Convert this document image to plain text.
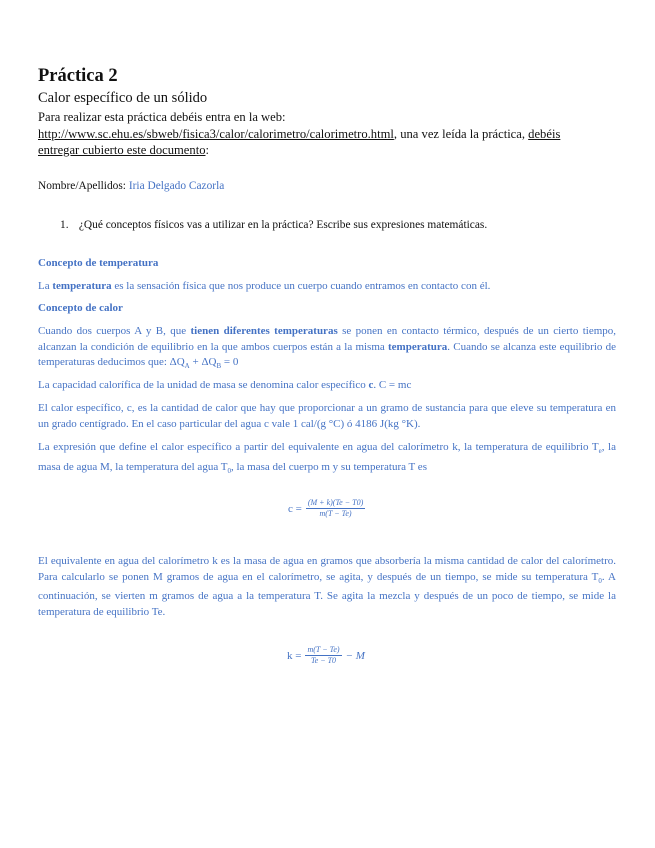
Práctica 2
Calor específico de un sólido
Para realizar esta práctica debéis entra en la web:
http://www.sc.ehu.es/sbweb/fisica3/calor/calorimetro/calorimetro.html, una vez leída la práctica, debéis
entregar cubierto este documento:
Nombre/Apellidos: Iria Delgado Cazorla
1. ¿Qué conceptos físicos vas a utilizar en la práctica? Escribe sus expresiones matemáticas.
Concepto de temperatura
La temperatura es la sensación física que nos produce un cuerpo cuando entramos en contacto con él.
Concepto de calor
Cuando dos cuerpos A y B, que tienen diferentes temperaturas se ponen en contacto térmico, después de un cierto tiempo, alcanzan la condición de equilibrio en la que ambos cuerpos están a la misma temperatura. Cuando se alcanza este equilibrio de temperaturas deducimos que: $\Delta Q_A + \Delta Q_B = 0$
La capacidad calorífica de la unidad de masa se denomina calor específico c. C = mc
El calor específico, c, es la cantidad de calor que hay que proporcionar a un gramo de sustancia para que eleve su temperatura en un grado centígrado. En el caso particular del agua c vale 1 cal/(g °C) ó 4186 J(kg °K).
La expresión que define el calor específico a partir del equivalente en agua del calorímetro k, la temperatura de equilibrio $T_e$, la masa de agua M, la temperatura del agua $T_0$, la masa del cuerpo m y su temperatura T es
$c = \frac{(M + k)(Te - T0)}{m(T - Te)}$
El equivalente en agua del calorímetro k es la masa de agua en gramos que absorbería la misma cantidad de calor del calorímetro. Para calcularlo se ponen M gramos de agua en el calorímetro, se agita, y después de un tiempo, se mide su temperatura $T_0$. A continuación, se vierten m gramos de agua a la temperatura T. Se agita la mezcla y después de un poco de tiempo, se mide la temperatura de equilibrio Te.
$k = \frac{m(T - Te)}{Te - T0} - M$
